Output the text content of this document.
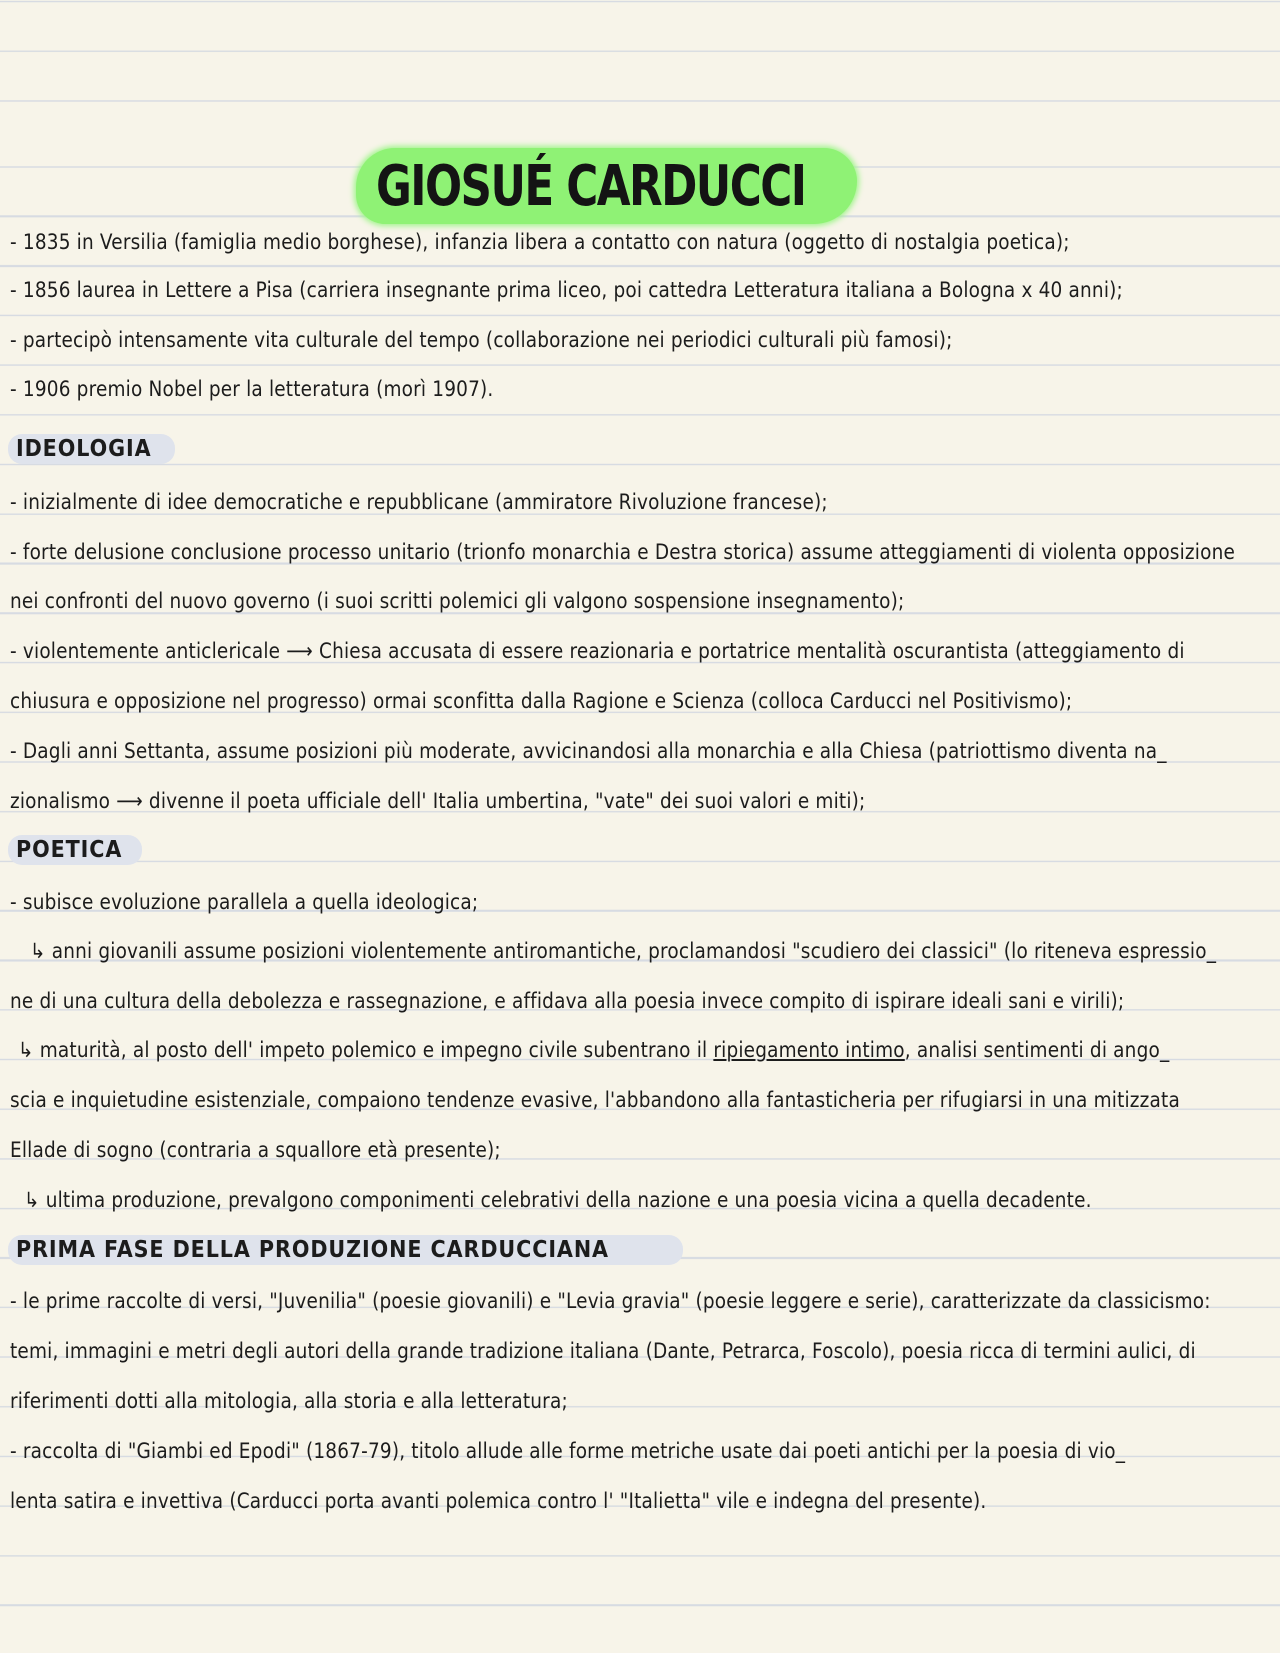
GIOSUÉ CARDUCCI
- 1835 in Versilia (famiglia medio borghese), infanzia libera a contatto con natura (oggetto di nostalgia poetica);
- 1856 laurea in Lettere a Pisa (carriera insegnante prima liceo, poi cattedra Letteratura italiana a Bologna x 40 anni);
- partecipò intensamente vita culturale del tempo (collaborazione nei periodici culturali più famosi);
- 1906 premio Nobel per la letteratura (morì 1907).
IDEOLOGIA
- inizialmente di idee democratiche e repubblicane (ammiratore Rivoluzione francese);
- forte delusione conclusione processo unitario (trionfo monarchia e Destra storica) assume atteggiamenti di violenta opposizione
nei confronti del nuovo governo (i suoi scritti polemici gli valgono sospensione insegnamento);
- violentemente anticlericale ⟶ Chiesa accusata di essere reazionaria e portatrice mentalità oscurantista (atteggiamento di
chiusura e opposizione nel progresso) ormai sconfitta dalla Ragione e Scienza (colloca Carducci nel Positivismo);
- Dagli anni Settanta, assume posizioni più moderate, avvicinandosi alla monarchia e alla Chiesa (patriottismo diventa na_
zionalismo ⟶ divenne il poeta ufficiale dell' Italia umbertina, "vate" dei suoi valori e miti);
POETICA
- subisce evoluzione parallela a quella ideologica;
↳ anni giovanili assume posizioni violentemente antiromantiche, proclamandosi "scudiero dei classici" (lo riteneva espressio_
ne di una cultura della debolezza e rassegnazione, e affidava alla poesia invece compito di ispirare ideali sani e virili);
↳ maturità, al posto dell' impeto polemico e impegno civile subentrano il ripiegamento intimo, analisi sentimenti di ango_
scia e inquietudine esistenziale, compaiono tendenze evasive, l'abbandono alla fantasticheria per rifugiarsi in una mitizzata
Ellade di sogno (contraria a squallore età presente);
↳ ultima produzione, prevalgono componimenti celebrativi della nazione e una poesia vicina a quella decadente.
PRIMA FASE DELLA PRODUZIONE CARDUCCIANA
- le prime raccolte di versi, "Juvenilia" (poesie giovanili) e "Levia gravia" (poesie leggere e serie), caratterizzate da classicismo:
temi, immagini e metri degli autori della grande tradizione italiana (Dante, Petrarca, Foscolo), poesia ricca di termini aulici, di
riferimenti dotti alla mitologia, alla storia e alla letteratura;
- raccolta di "Giambi ed Epodi" (1867-79), titolo allude alle forme metriche usate dai poeti antichi per la poesia di vio_
lenta satira e invettiva (Carducci porta avanti polemica contro l' "Italietta" vile e indegna del presente).
